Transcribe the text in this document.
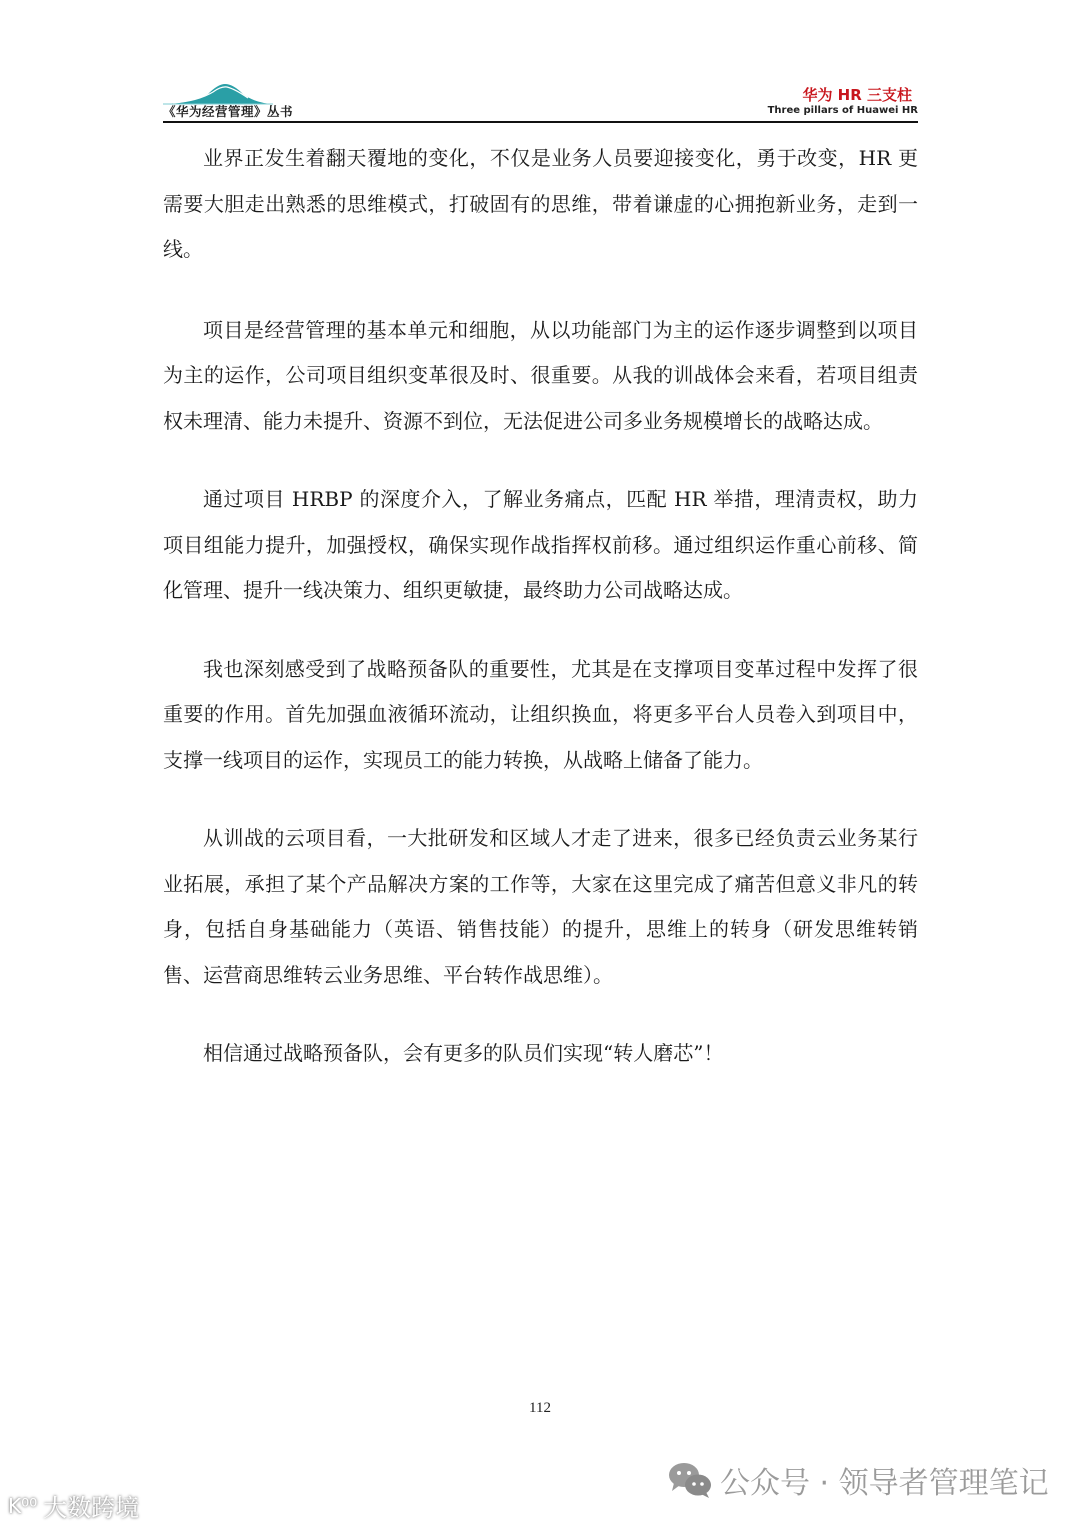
《华为经营管理》丛书
华为 HR 三支柱
Three pillars of Huawei HR

业界正发生着翻天覆地的变化，不仅是业务人员要迎接变化，勇于改变，HR 更需要大胆走出熟悉的思维模式，打破固有的思维，带着谦虚的心拥抱新业务，走到一线。

项目是经营管理的基本单元和细胞，从以功能部门为主的运作逐步调整到以项目为主的运作，公司项目组织变革很及时、很重要。从我的训战体会来看，若项目组责权未理清、能力未提升、资源不到位，无法促进公司多业务规模增长的战略达成。

通过项目 HRBP 的深度介入，了解业务痛点，匹配 HR 举措，理清责权，助力项目组能力提升，加强授权，确保实现作战指挥权前移。通过组织运作重心前移、简化管理、提升一线决策力、组织更敏捷，最终助力公司战略达成。

我也深刻感受到了战略预备队的重要性，尤其是在支撑项目变革过程中发挥了很重要的作用。首先加强血液循环流动，让组织换血，将更多平台人员卷入到项目中，支撑一线项目的运作，实现员工的能力转换，从战略上储备了能力。

从训战的云项目看，一大批研发和区域人才走了进来，很多已经负责云业务某行业拓展，承担了某个产品解决方案的工作等，大家在这里完成了痛苦但意义非凡的转身，包括自身基础能力（英语、销售技能）的提升，思维上的转身（研发思维转销售、运营商思维转云业务思维、平台转作战思维）。

相信通过战略预备队，会有更多的队员们实现“转人磨芯”！

112
公众号 · 领导者管理笔记
K⁰⁰ 大数跨境
